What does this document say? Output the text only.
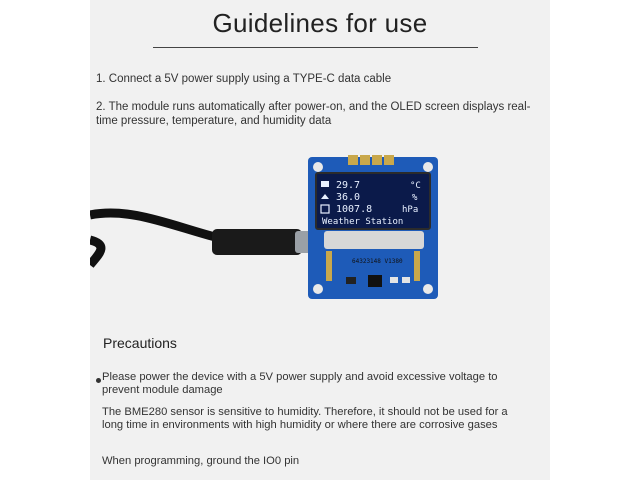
Guidelines for use
1. Connect a 5V power supply using a TYPE-C data cable
2. The module runs automatically after power-on, and the OLED screen displays real-time pressure, temperature, and humidity data
29.7	°C
36.0	%
1007.8	hPa
Weather Station
64323148 V1380
Precautions
Please power the device with a 5V power supply and avoid excessive voltage to prevent module damage
The BME280 sensor is sensitive to humidity. Therefore, it should not be used for a long time in environments with high humidity or where there are corrosive gases
When programming, ground the IO0 pin
